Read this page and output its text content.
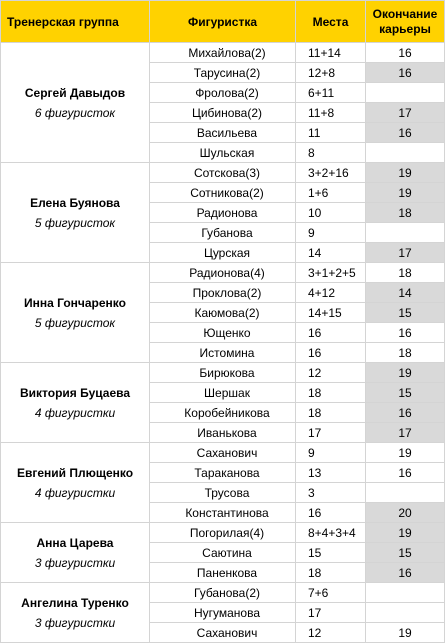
Тренерская группа	Фигуристка	Места	Окончание карьеры

Сергей Давыдов
6 фигуристок	Михайлова(2)	11+14	16
	Тарусина(2)	12+8	16
	Фролова(2)	6+11	
	Цибинова(2)	11+8	17
	Васильева	11	16
	Шульская	8	

Елена Буянова
5 фигуристок	Сотскова(3)	3+2+16	19
	Сотникова(2)	1+6	19
	Радионова	10	18
	Губанова	9	
	Цурская	14	17

Инна Гончаренко
5 фигуристок	Радионова(4)	3+1+2+5	18
	Проклова(2)	4+12	14
	Каюмова(2)	14+15	15
	Ющенко	16	16
	Истомина	16	18

Виктория Буцаева
4 фигуристки	Бирюкова	12	19
	Шершак	18	15
	Коробейникова	18	16
	Иванькова	17	17

Евгений Плющенко
4 фигуристки	Саханович	9	19
	Тараканова	13	16
	Трусова	3	
	Константинова	16	20

Анна Царева
3 фигуристки	Погорилая(4)	8+4+3+4	19
	Саютина	15	15
	Паненкова	18	16

Ангелина Туренко
3 фигуристки	Губанова(2)	7+6	
	Нугуманова	17	
	Саханович	12	19
